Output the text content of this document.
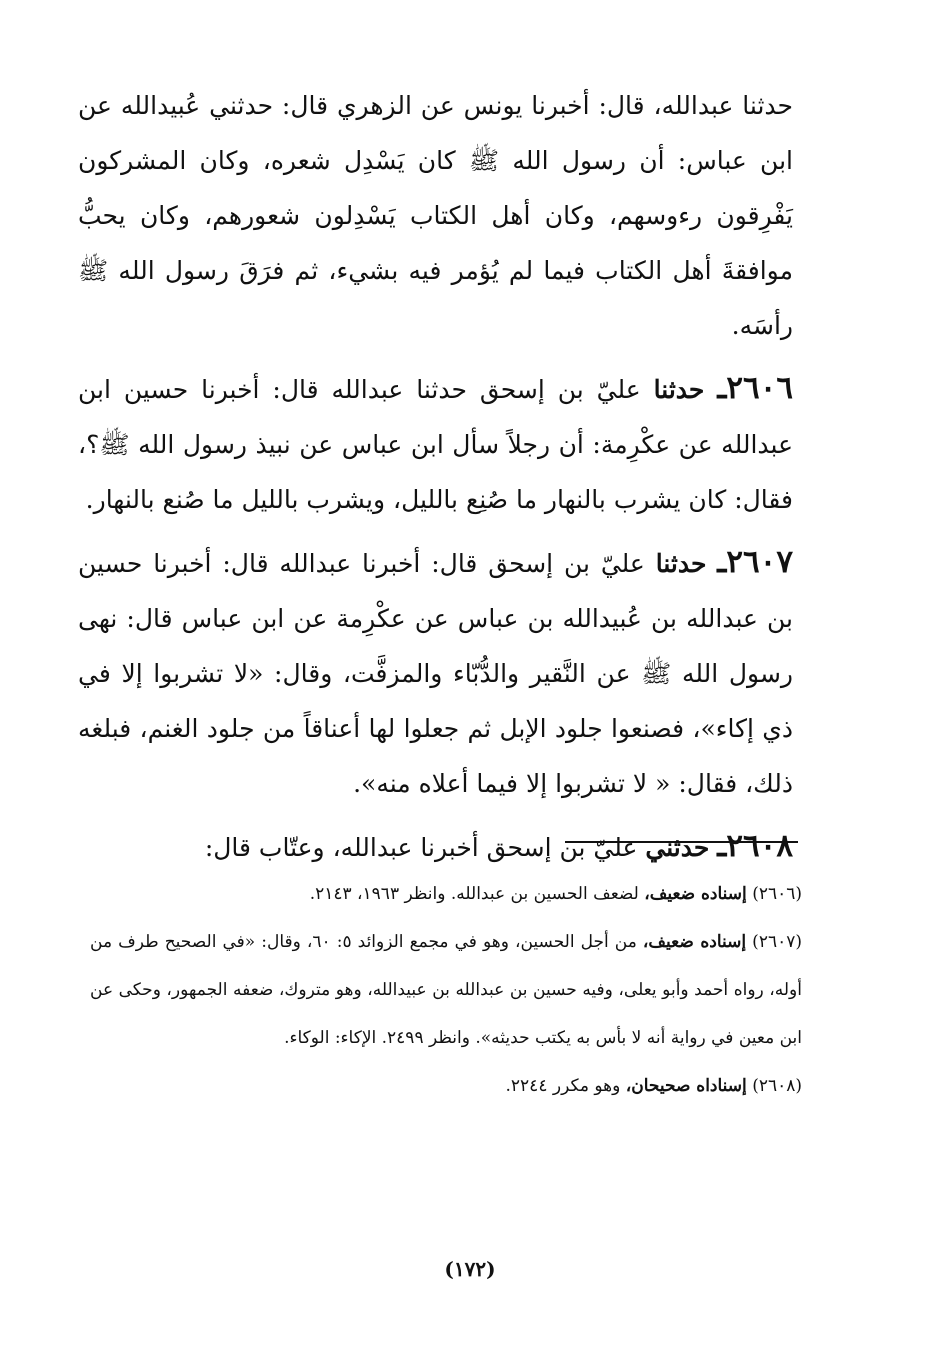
حدثنا عبدالله، قال: أخبرنا يونس عن الزهري قال: حدثني عُبيدالله عن ابن عباس: أن رسول الله ﷺ كان يَسْدِل شعره، وكان المشركون يَفْرِقون رءوسهم، وكان أهل الكتاب يَسْدِلون شعورهم، وكان يحبُّ موافقةَ أهل الكتاب فيما لم يُؤمر فيه بشيء، ثم فرَقَ رسول الله ﷺ رأسَه.

٢٦٠٦ـ حدثنا عليّ بن إسحق حدثنا عبدالله قال: أخبرنا حسين ابن عبدالله عن عكْرِمة: أن رجلاً سأل ابن عباس عن نبيذ رسول الله ﷺ؟، فقال: كان يشرب بالنهار ما صُنِع بالليل، ويشرب بالليل ما صُنع بالنهار.

٢٦٠٧ـ حدثنا عليّ بن إسحق قال: أخبرنا عبدالله قال: أخبرنا حسين بن عبدالله بن عُبيدالله بن عباس عن عكْرِمة عن ابن عباس قال: نهى رسول الله ﷺ عن النَّقير والدُّبّاء والمزفَّت، وقال: «لا تشربوا إلا في ذي إكاء»، فصنعوا جلود الإبل ثم جعلوا لها أعناقاً من جلود الغنم، فبلغه ذلك، فقال: « لا تشربوا إلا فيما أعلاه منه».

٢٦٠٨ـ حدثني عليّ بن إسحق أخبرنا عبدالله، وعتّاب قال:

(٢٦٠٦) إسناده ضعيف، لضعف الحسين بن عبدالله. وانظر ١٩٦٣، ٢١٤٣.

(٢٦٠٧) إسناده ضعيف، من أجل الحسين، وهو في مجمع الزوائد ٥: ٦٠، وقال: «في الصحيح طرف من أوله، رواه أحمد وأبو يعلى، وفيه حسين بن عبدالله بن عبيدالله، وهو متروك، ضعفه الجمهور، وحكى عن ابن معين في رواية أنه لا بأس به يكتب حديثه». وانظر ٢٤٩٩. الإكاء: الوكاء.

(٢٦٠٨) إسناداه صحيحان، وهو مكرر ٢٢٤٤.

(١٧٢)
